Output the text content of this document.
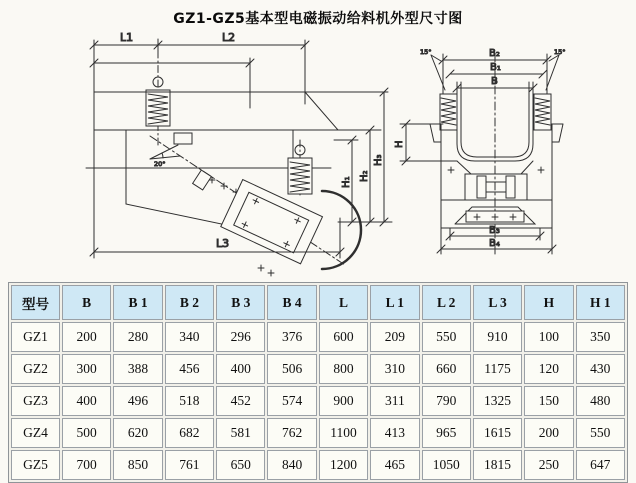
GZ1-GZ5基本型电磁振动给料机外型尺寸图
L1	L2
20°
H₁
H₂
H₃
L3
B₂
B₁
B
15°	15°
B₃
B₄
H
型号	B	B 1	B 2	B 3	B 4	L	L 1	L 2	L 3	H	H 1
GZ1	200	280	340	296	376	600	209	550	910	100	350
GZ2	300	388	456	400	506	800	310	660	1175	120	430
GZ3	400	496	518	452	574	900	311	790	1325	150	480
GZ4	500	620	682	581	762	1100	413	965	1615	200	550
GZ5	700	850	761	650	840	1200	465	1050	1815	250	647
